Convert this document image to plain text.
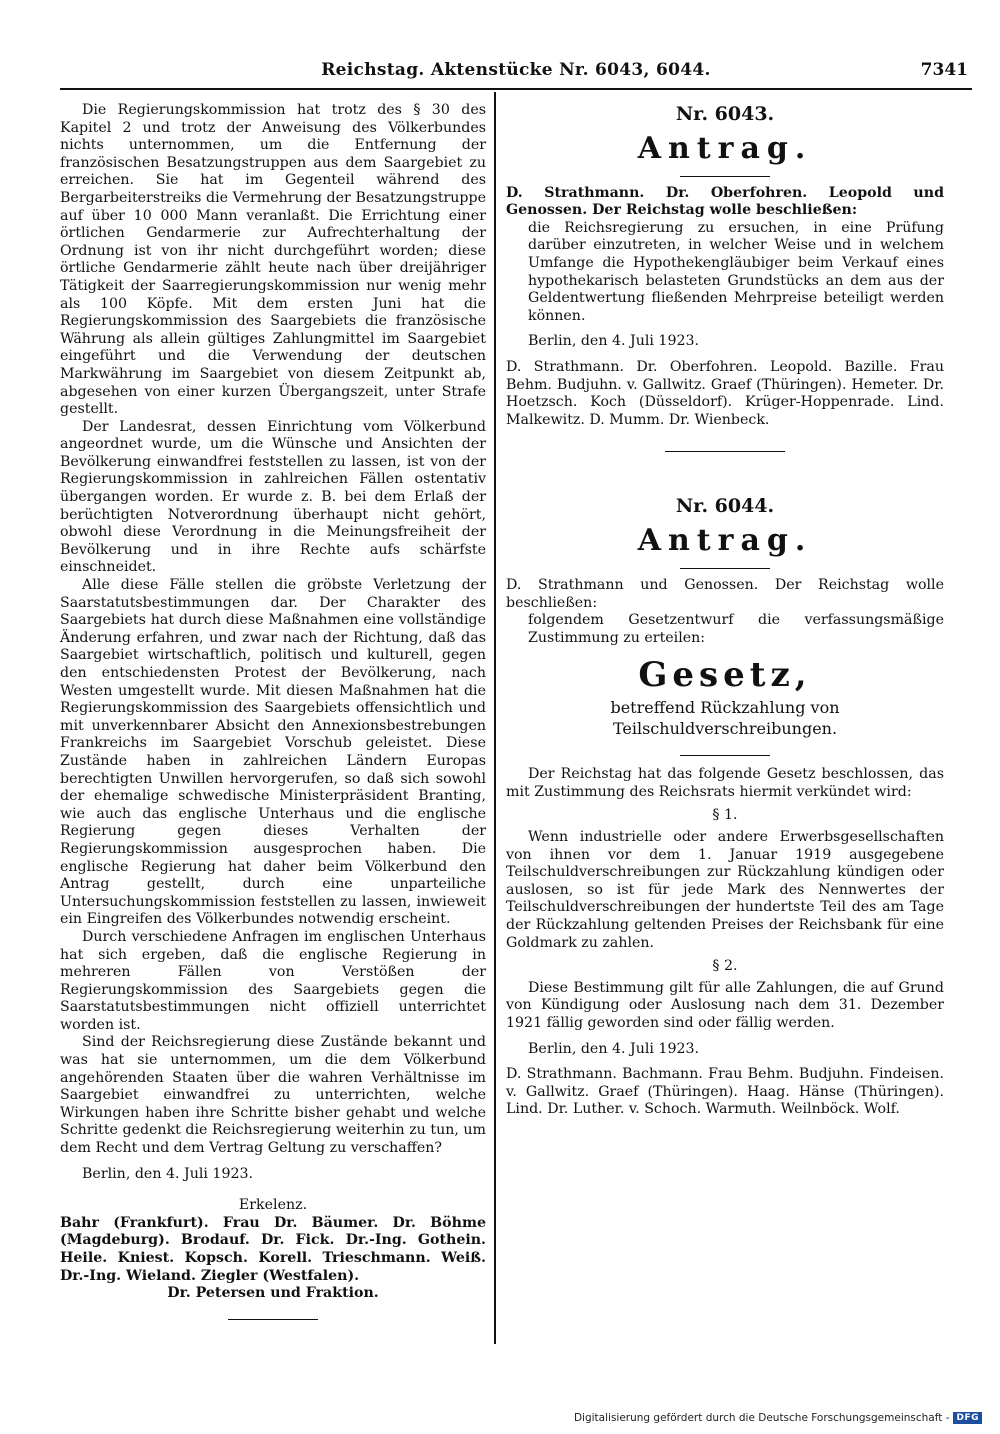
Reichstag. Aktenstücke Nr. 6043, 6044.	7341

Die Regierungskommission hat trotz des § 30 des Kapitel 2 und trotz der Anweisung des Völkerbundes nichts unternommen, um die Entfernung der französischen Besatzungstruppen aus dem Saargebiet zu erreichen. Sie hat im Gegenteil während des Bergarbeiterstreiks die Vermehrung der Besatzungstruppe auf über 10 000 Mann veranlaßt. Die Errichtung einer örtlichen Gendarmerie zur Aufrechterhaltung der Ordnung ist von ihr nicht durchgeführt worden; diese örtliche Gendarmerie zählt heute nach über dreijähriger Tätigkeit der Saarregierungskommission nur wenig mehr als 100 Köpfe. Mit dem ersten Juni hat die Regierungskommission des Saargebiets die französische Währung als allein gültiges Zahlungmittel im Saargebiet eingeführt und die Verwendung der deutschen Markwährung im Saargebiet von diesem Zeitpunkt ab, abgesehen von einer kurzen Übergangszeit, unter Strafe gestellt.

Der Landesrat, dessen Einrichtung vom Völkerbund angeordnet wurde, um die Wünsche und Ansichten der Bevölkerung einwandfrei feststellen zu lassen, ist von der Regierungskommission in zahlreichen Fällen ostentativ übergangen worden. Er wurde z. B. bei dem Erlaß der berüchtigten Notverordnung überhaupt nicht gehört, obwohl diese Verordnung in die Meinungsfreiheit der Bevölkerung und in ihre Rechte aufs schärfste einschneidet.

Alle diese Fälle stellen die gröbste Verletzung der Saarstatutsbestimmungen dar. Der Charakter des Saargebiets hat durch diese Maßnahmen eine vollständige Änderung erfahren, und zwar nach der Richtung, daß das Saargebiet wirtschaftlich, politisch und kulturell, gegen den entschiedensten Protest der Bevölkerung, nach Westen umgestellt wurde. Mit diesen Maßnahmen hat die Regierungskommission des Saargebiets offensichtlich und mit unverkennbarer Absicht den Annexionsbestrebungen Frankreichs im Saargebiet Vorschub geleistet. Diese Zustände haben in zahlreichen Ländern Europas berechtigten Unwillen hervorgerufen, so daß sich sowohl der ehemalige schwedische Ministerpräsident Branting, wie auch das englische Unterhaus und die englische Regierung gegen dieses Verhalten der Regierungskommission ausgesprochen haben. Die englische Regierung hat daher beim Völkerbund den Antrag gestellt, durch eine unparteiliche Untersuchungskommission feststellen zu lassen, inwieweit ein Eingreifen des Völkerbundes notwendig erscheint.

Durch verschiedene Anfragen im englischen Unterhaus hat sich ergeben, daß die englische Regierung in mehreren Fällen von Verstößen der Regierungskommission des Saargebiets gegen die Saarstatutsbestimmungen nicht offiziell unterrichtet worden ist.

Sind der Reichsregierung diese Zustände bekannt und was hat sie unternommen, um die dem Völkerbund angehörenden Staaten über die wahren Verhältnisse im Saargebiet einwandfrei zu unterrichten, welche Wirkungen haben ihre Schritte bisher gehabt und welche Schritte gedenkt die Reichsregierung weiterhin zu tun, um dem Recht und dem Vertrag Geltung zu verschaffen?

Berlin, den 4. Juli 1923.

Erkelenz.

Bahr (Frankfurt). Frau Dr. Bäumer. Dr. Böhme (Magdeburg). Brodauf. Dr. Fick. Dr.-Ing. Gothein. Heile. Kniest. Kopsch. Korell. Trieschmann. Weiß. Dr.-Ing. Wieland. Ziegler (Westfalen).

Dr. Petersen und Fraktion.

Nr. 6043.
Antrag.

D. Strathmann. Dr. Oberfohren. Leopold und Genossen. Der Reichstag wolle beschließen:

die Reichsregierung zu ersuchen, in eine Prüfung darüber einzutreten, in welcher Weise und in welchem Umfange die Hypothekengläubiger beim Verkauf eines hypothekarisch belasteten Grundstücks an dem aus der Geldentwertung fließenden Mehrpreise beteiligt werden können.

Berlin, den 4. Juli 1923.

D. Strathmann. Dr. Oberfohren. Leopold. Bazille. Frau Behm. Budjuhn. v. Gallwitz. Graef (Thüringen). Hemeter. Dr. Hoetzsch. Koch (Düsseldorf). Krüger-Hoppenrade. Lind. Malkewitz. D. Mumm. Dr. Wienbeck.

Nr. 6044.
Antrag.

D. Strathmann und Genossen. Der Reichstag wolle beschließen:

folgendem Gesetzentwurf die verfassungsmäßige Zustimmung zu erteilen:

Gesetz,
betreffend Rückzahlung von Teilschuldverschreibungen.

Der Reichstag hat das folgende Gesetz beschlossen, das mit Zustimmung des Reichsrats hiermit verkündet wird:

§ 1.

Wenn industrielle oder andere Erwerbsgesellschaften von ihnen vor dem 1. Januar 1919 ausgegebene Teilschuldverschreibungen zur Rückzahlung kündigen oder auslosen, so ist für jede Mark des Nennwertes der Teilschuldverschreibungen der hundertste Teil des am Tage der Rückzahlung geltenden Preises der Reichsbank für eine Goldmark zu zahlen.

§ 2.

Diese Bestimmung gilt für alle Zahlungen, die auf Grund von Kündigung oder Auslosung nach dem 31. Dezember 1921 fällig geworden sind oder fällig werden.

Berlin, den 4. Juli 1923.

D. Strathmann. Bachmann. Frau Behm. Budjuhn. Findeisen. v. Gallwitz. Graef (Thüringen). Haag. Hänse (Thüringen). Lind. Dr. Luther. v. Schoch. Warmuth. Weilnböck. Wolf.

Digitalisierung gefördert durch die Deutsche Forschungsgemeinschaft - DFG
